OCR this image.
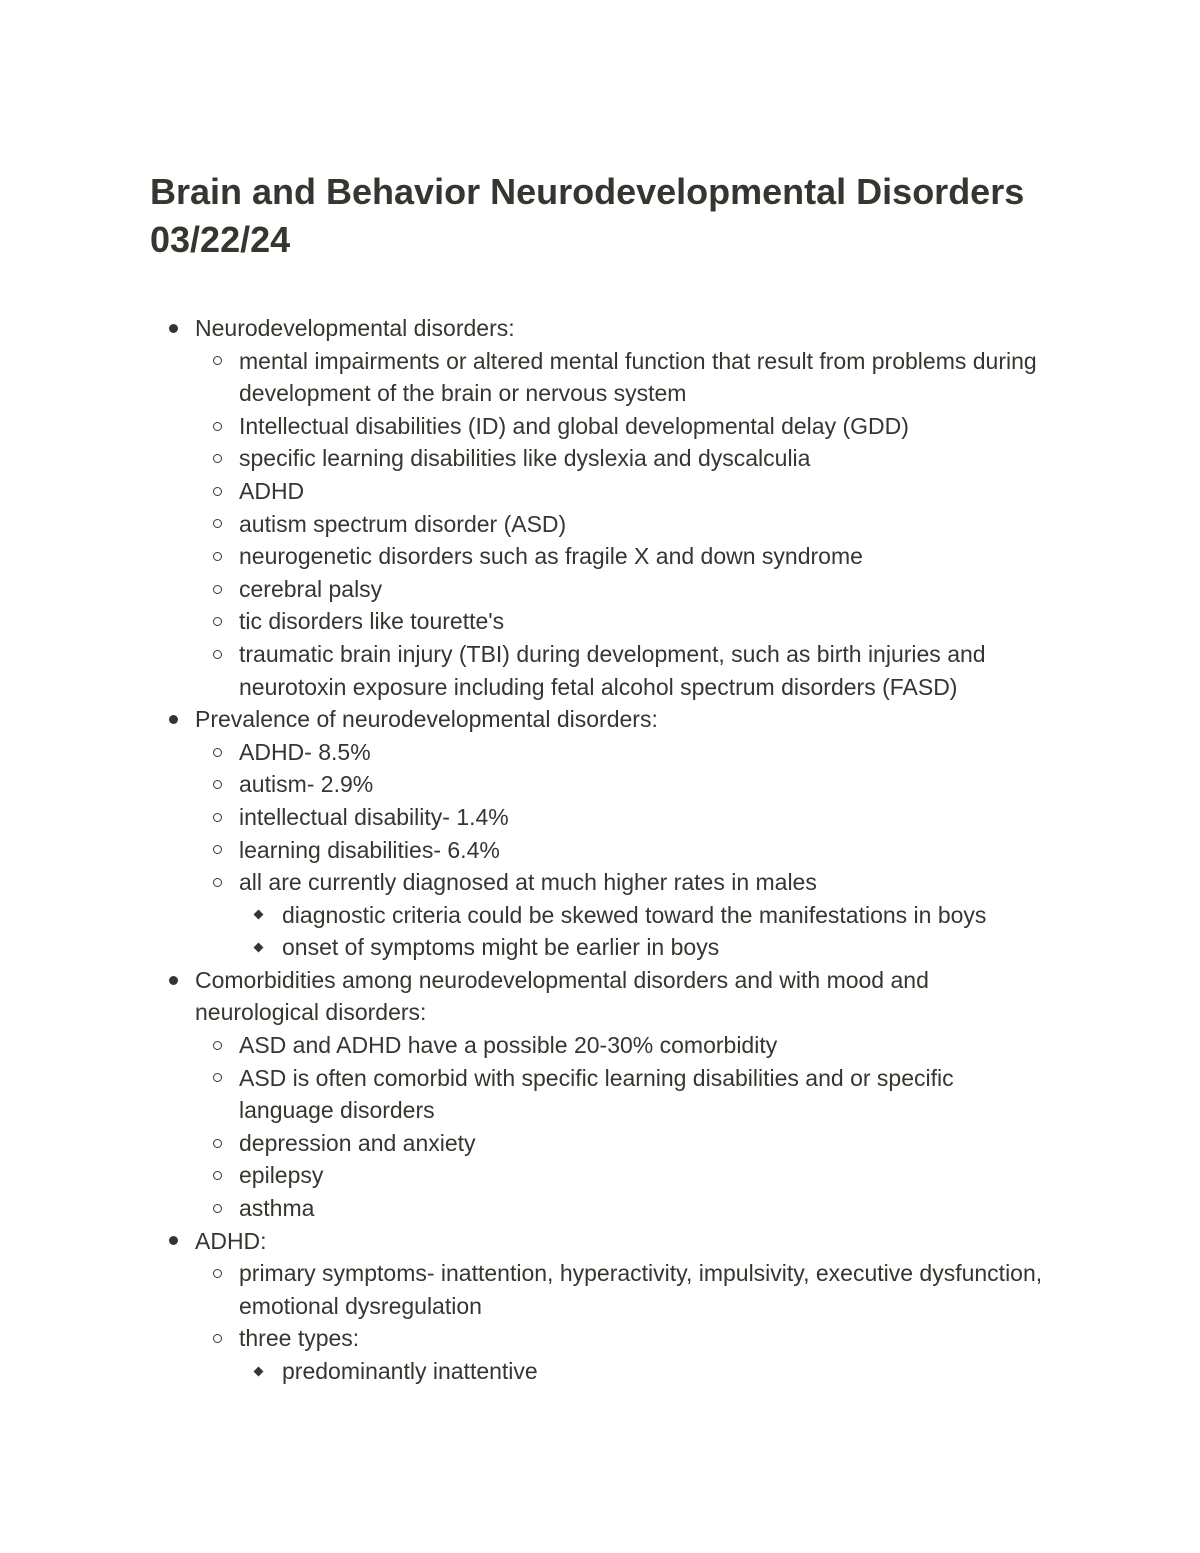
Brain and Behavior Neurodevelopmental Disorders 03/22/24
Neurodevelopmental disorders:
mental impairments or altered mental function that result from problems during development of the brain or nervous system
Intellectual disabilities (ID) and global developmental delay (GDD)
specific learning disabilities like dyslexia and dyscalculia
ADHD
autism spectrum disorder (ASD)
neurogenetic disorders such as fragile X and down syndrome
cerebral palsy
tic disorders like tourette's
traumatic brain injury (TBI) during development, such as birth injuries and neurotoxin exposure including fetal alcohol spectrum disorders (FASD)
Prevalence of neurodevelopmental disorders:
ADHD- 8.5%
autism- 2.9%
intellectual disability- 1.4%
learning disabilities- 6.4%
all are currently diagnosed at much higher rates in males
diagnostic criteria could be skewed toward the manifestations in boys
onset of symptoms might be earlier in boys
Comorbidities among neurodevelopmental disorders and with mood and neurological disorders:
ASD and ADHD have a possible 20-30% comorbidity
ASD is often comorbid with specific learning disabilities and or specific language disorders
depression and anxiety
epilepsy
asthma
ADHD:
primary symptoms- inattention, hyperactivity, impulsivity, executive dysfunction, emotional dysregulation
three types:
predominantly inattentive
